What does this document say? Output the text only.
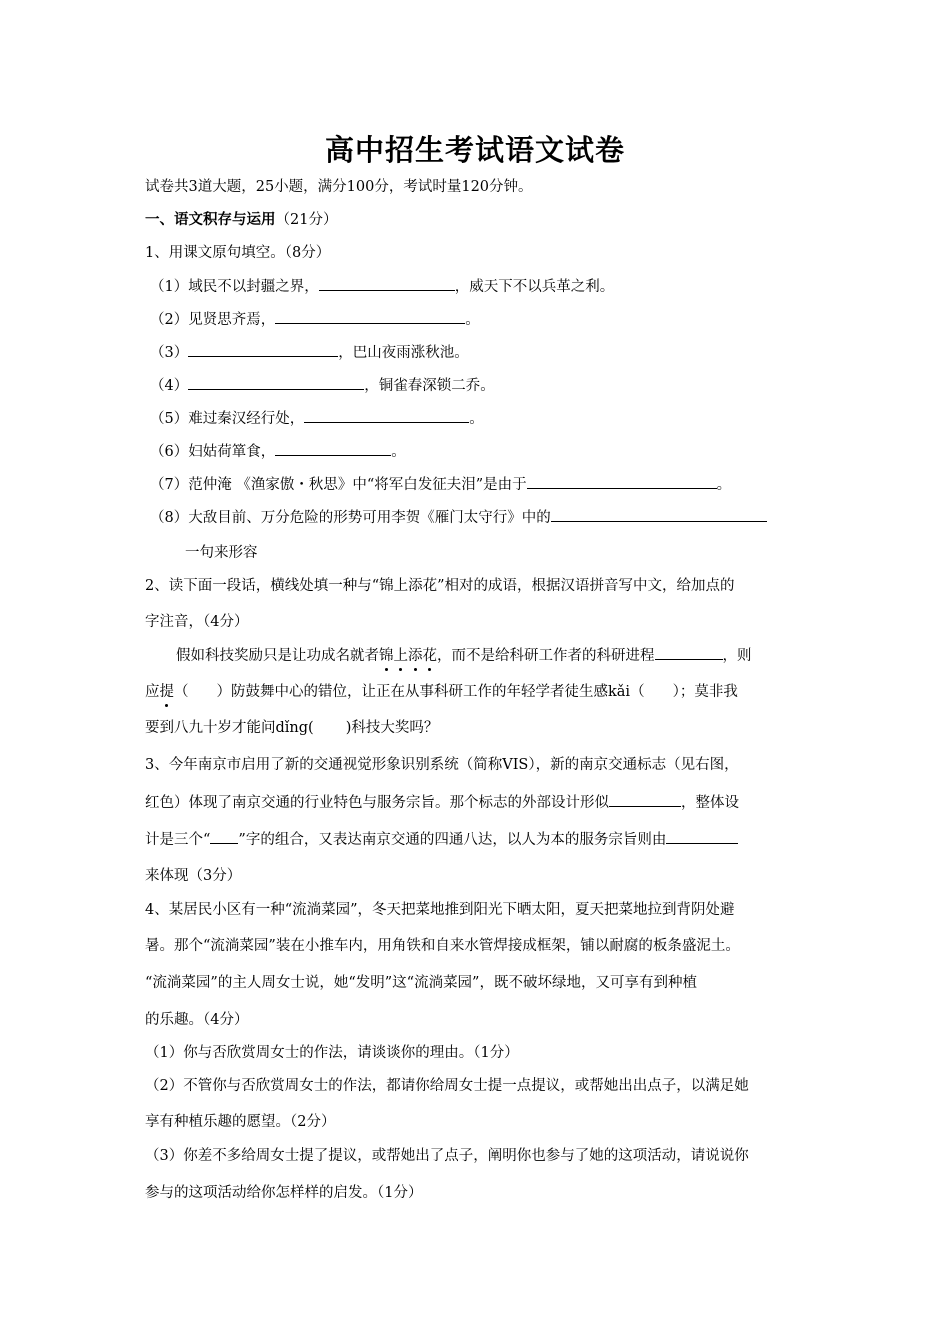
高中招生考试语文试卷
试卷共3道大题，25小题，满分100分，考试时量120分钟。
一、语文积存与运用（21分）
1、用课文原句填空。（8分）
（1）域民不以封疆之界，	，威天下不以兵革之利。
（2）见贤思齐焉，	。
（3）	，巴山夜雨涨秋池。
（4）	，铜雀春深锁二乔。
（5）难过秦汉经行处，	。
（6）妇姑荷箪食，	。
（7）范仲淹 《渔家傲・秋思》中“将军白发征夫泪”是由于	。
（8）大敌目前、万分危险的形势可用李贺《雁门太守行》中的
一句来形容
2、读下面一段话，横线处填一种与“锦上添花”相对的成语，根据汉语拼音写中文，给加点的
字注音，（4分）
假如科技奖励只是让功成名就者锦上添花，而不是给科研工作者的科研进程	，则
应提（ ）防鼓舞中心的错位，让正在从事科研工作的年轻学者徒生感kǎi（ ）；莫非我
要到八九十岁才能问dǐng( )科技大奖吗？
3、今年南京市启用了新的交通视觉形象识别系统（简称VIS），新的南京交通标志（见右图，
红色）体现了南京交通的行业特色与服务宗旨。那个标志的外部设计形似	，整体设
计是三个“ ”字的组合，又表达南京交通的四通八达，以人为本的服务宗旨则由
来体现（3分）
4、某居民小区有一种“流淌菜园”，冬天把菜地推到阳光下晒太阳，夏天把菜地拉到背阴处避
暑。那个“流淌菜园”装在小推车内，用角铁和自来水管焊接成框架，铺以耐腐的板条盛泥土。
“流淌菜园”的主人周女士说，她“发明”这“流淌菜园”，既不破坏绿地，又可享有到种植
的乐趣。（4分）
（1）你与否欣赏周女士的作法，请谈谈你的理由。（1分）
（2）不管你与否欣赏周女士的作法，都请你给周女士提一点提议，或帮她出出点子，以满足她
享有种植乐趣的愿望。（2分）
（3）你差不多给周女士提了提议，或帮她出了点子，阐明你也参与了她的这项活动，请说说你
参与的这项活动给你怎样样的启发。（1分）
